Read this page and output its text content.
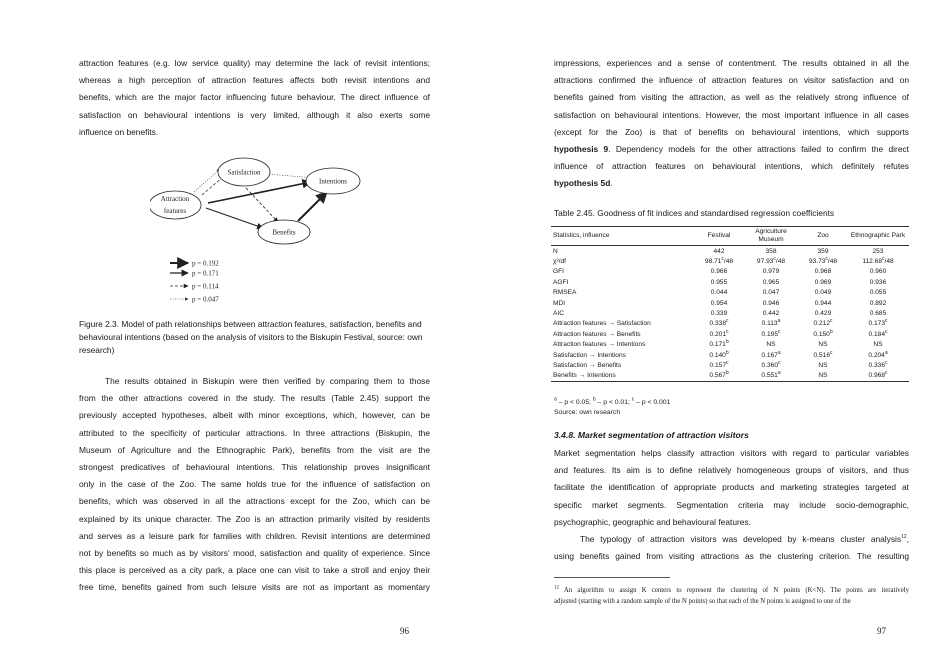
attraction features (e.g. low service quality) may determine the lack of revisit intentions;
whereas a high perception of attraction features affects both revisit intentions and
benefits, which are the major factor influencing future behaviour. The direct influence of
satisfaction on behavioural intentions is very limited, although it also exerts some
influence on benefits.
Satisfaction
Intentions
Attraction
features
Benefits
p = 0.192
p = 0.171
p = 0.114
p = 0.047

Figure 2.3. Model of path relationships between attraction features, satisfaction, benefits and behavioural intentions (based on the analysis of visitors to the Biskupin Festival, source: own research)

The results obtained in Biskupin were then verified by comparing them to those
from the other attractions covered in the study. The results (Table 2.45) support the
previously accepted hypotheses, albeit with minor exceptions, which, however, can be
attributed to the specificity of particular attractions. In three attractions (Biskupin, the
Museum of Agriculture and the Ethnographic Park), benefits from the visit are the
strongest predicatives of behavioural intentions. This relationship proves insignificant
only in the case of the Zoo. The same holds true for the influence of satisfaction on
benefits, which was observed in all the attractions except for the Zoo, which can be
explained by its unique character. The Zoo is an attraction primarily visited by residents
and serves as a leisure park for families with children. Revisit intentions are determined
not by benefits so much as by visitors’ mood, satisfaction and quality of experience. Since
this place is perceived as a city park, a place one can visit to take a stroll and enjoy their
free time, benefits gained from such leisure visits are not as important as momentary
96
impressions, experiences and a sense of contentment. The results obtained in all the
attractions confirmed the influence of attraction features on visitor satisfaction and on
benefits gained from visiting the attraction, as well as the relatively strong influence of
satisfaction on behavioural intentions. However, the most important influence in all cases
(except for the Zoo) is that of benefits on behavioural intentions, which supports
hypothesis 9. Dependency models for the other attractions failed to confirm the direct
influence of attraction features on behavioural intentions, which definitely refutes
hypothesis 5d.
Table 2.45. Goodness of fit indices and standardised regression coefficients
Statistics, influence	Festival	Agriculture Museum	Zoo	Ethnographic Park
N	442	358	359	253
χ²/df	98.71$^c$/48	97.93$^c$/48	93.73$^c$/48	112.68$^c$/48
GFI	0.966	0.979	0.968	0.960
AGFI	0.955	0.965	0.969	0.936
RMSEA	0.044	0.047	0.049	0.055
MDI	0.954	0.946	0.944	0.892
AIC	0.339	0.442	0.429	0.685
Attraction features → Satisfaction	0.338$^c$	0.113$^a$	0.212$^c$	0.173$^c$
Attraction features → Benefits	0.201$^c$	0.195$^c$	0.150$^b$	0.184$^c$
Attraction features → Intentions	0.171$^b$	NS	NS	NS
Satisfaction → Intentions	0.140$^b$	0.167$^a$	0.516$^c$	0.204$^a$
Satisfaction → Benefits	0.157$^c$	0.360$^c$	NS	0.336$^c$
Benefits → Intentions	0.567$^b$	0.551$^a$	NS	0.968$^c$
$^a$ – p < 0.05; $^b$ – p < 0.01; $^c$ – p < 0.001
Source: own research
3.4.8. Market segmentation of attraction visitors
Market segmentation helps classify attraction visitors with regard to particular variables
and features. Its aim is to define relatively homogeneous groups of visitors, and thus
facilitate the identification of appropriate products and marketing strategies targeted at
specific market segments. Segmentation criteria may include socio-demographic,
psychographic, geographic and behavioural features.
The typology of attraction visitors was developed by k-means cluster analysis$^{12}$,
using benefits gained from visiting attractions as the clustering criterion. The resulting
$^{12}$ An algorithm to assign K centers to represent the clustering of N points (K<N). The points are iteratively
adjusted (starting with a random sample of the N points) so that each of the N points is assigned to one of the
97
